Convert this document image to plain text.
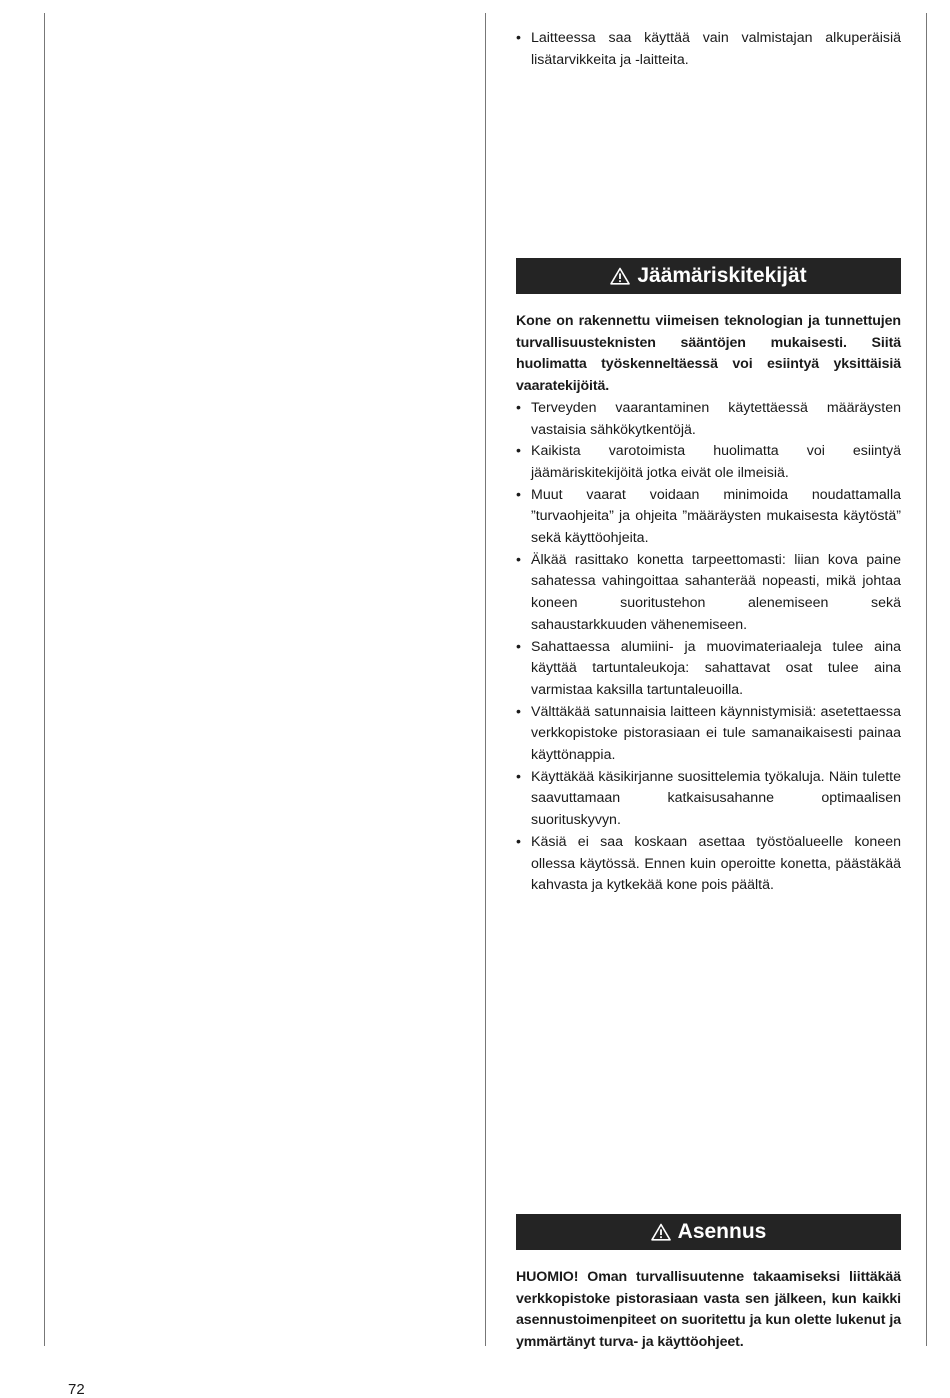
• Laitteessa saa käyttää vain valmistajan alkuperäisiä lisätarvikkeita ja -laitteita.
Jäämäriskitekijät

Kone on rakennettu viimeisen teknologian ja tunnettujen turvallisuusteknisten sääntöjen mukaisesti. Siitä huolimatta työskenneltäessä voi esiintyä yksittäisiä vaaratekijöitä.

• Terveyden vaarantaminen käytettäessä määräysten vastaisia sähkökytkentöjä.
• Kaikista varotoimista huolimatta voi esiintyä jäämäriskitekijöitä jotka eivät ole ilmeisiä.
• Muut vaarat voidaan minimoida noudattamalla ”turvaohjeita” ja ohjeita ”määräysten mukaisesta käytöstä” sekä käyttöohjeita.
• Älkää rasittako konetta tarpeettomasti: liian kova paine sahatessa vahingoittaa sahanterää nopeasti, mikä johtaa koneen suoritustehon alenemiseen sekä sahaustarkkuuden vähenemiseen.
• Sahattaessa alumiini- ja muovimateriaaleja tulee aina käyttää tartuntaleukoja: sahattavat osat tulee aina varmistaa kaksilla tartuntaleuoilla.
• Välttäkää satunnaisia laitteen käynnistymisiä: asetettaessa verkkopistoke pistorasiaan ei tule samanaikaisesti painaa käyttönappia.
• Käyttäkää käsikirjanne suosittelemia työkaluja. Näin tulette saavuttamaan katkaisusahanne optimaalisen suorituskyvyn.
• Käsiä ei saa koskaan asettaa työstöalueelle koneen ollessa käytössä. Ennen kuin operoitte konetta, päästäkää kahvasta ja kytkekää kone pois päältä.
Asennus

HUOMIO! Oman turvallisuutenne takaamiseksi liittäkää verkkopistoke pistorasiaan vasta sen jälkeen, kun kaikki asennustoimenpiteet on suoritettu ja kun olette lukenut ja ymmärtänyt turva- ja käyttöohjeet.

72
